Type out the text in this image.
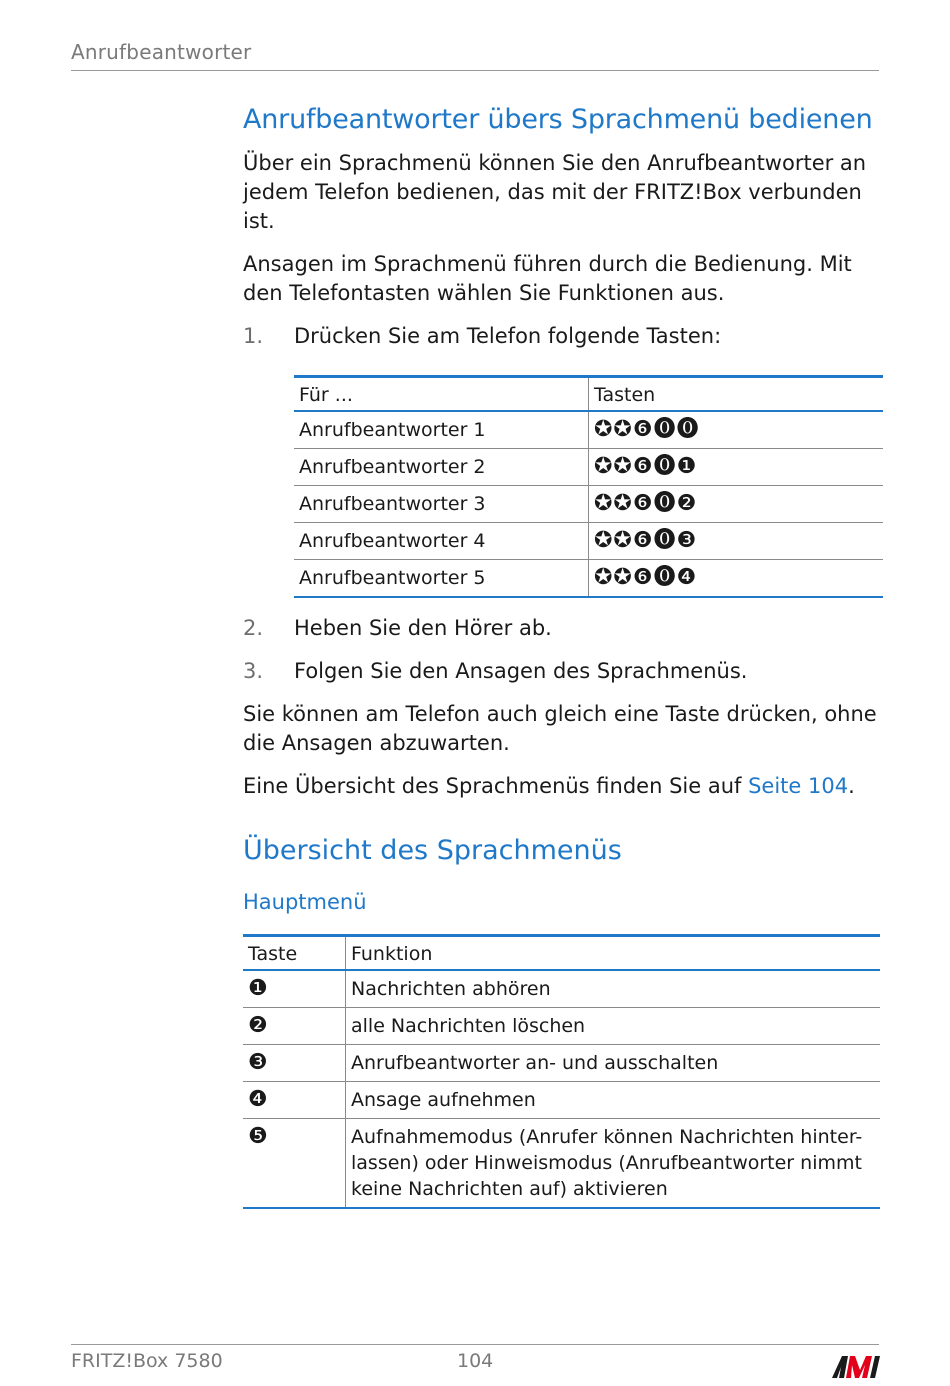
Anrufbeantworter
Anrufbeantworter übers Sprachmenü bedienen

Über ein Sprachmenü können Sie den Anrufbeantworter an jedem Telefon bedienen, das mit der FRITZ!Box verbunden ist.

Ansagen im Sprachmenü führen durch die Bedienung. Mit den Telefontasten wählen Sie Funktionen aus.

1.	Drücken Sie am Telefon folgende Tasten:
Für ...	Tasten
Anrufbeantworter 1	✪✪❻⓿⓿
Anrufbeantworter 2	✪✪❻⓿❶
Anrufbeantworter 3	✪✪❻⓿❷
Anrufbeantworter 4	✪✪❻⓿❸
Anrufbeantworter 5	✪✪❻⓿❹
2.	Heben Sie den Hörer ab.
3.	Folgen Sie den Ansagen des Sprachmenüs.

Sie können am Telefon auch gleich eine Taste drücken, ohne die Ansagen abzuwarten.

Eine Übersicht des Sprachmenüs finden Sie auf Seite 104.

Übersicht des Sprachmenüs
Hauptmenü
Taste	Funktion
❶	Nachrichten abhören
❷	alle Nachrichten löschen
❸	Anrufbeantworter an- und ausschalten
❹	Ansage aufnehmen
❺	Aufnahmemodus (Anrufer können Nachrichten hinter-lassen) oder Hinweismodus (Anrufbeantworter nimmt keine Nachrichten auf) aktivieren
FRITZ!Box 7580	104
